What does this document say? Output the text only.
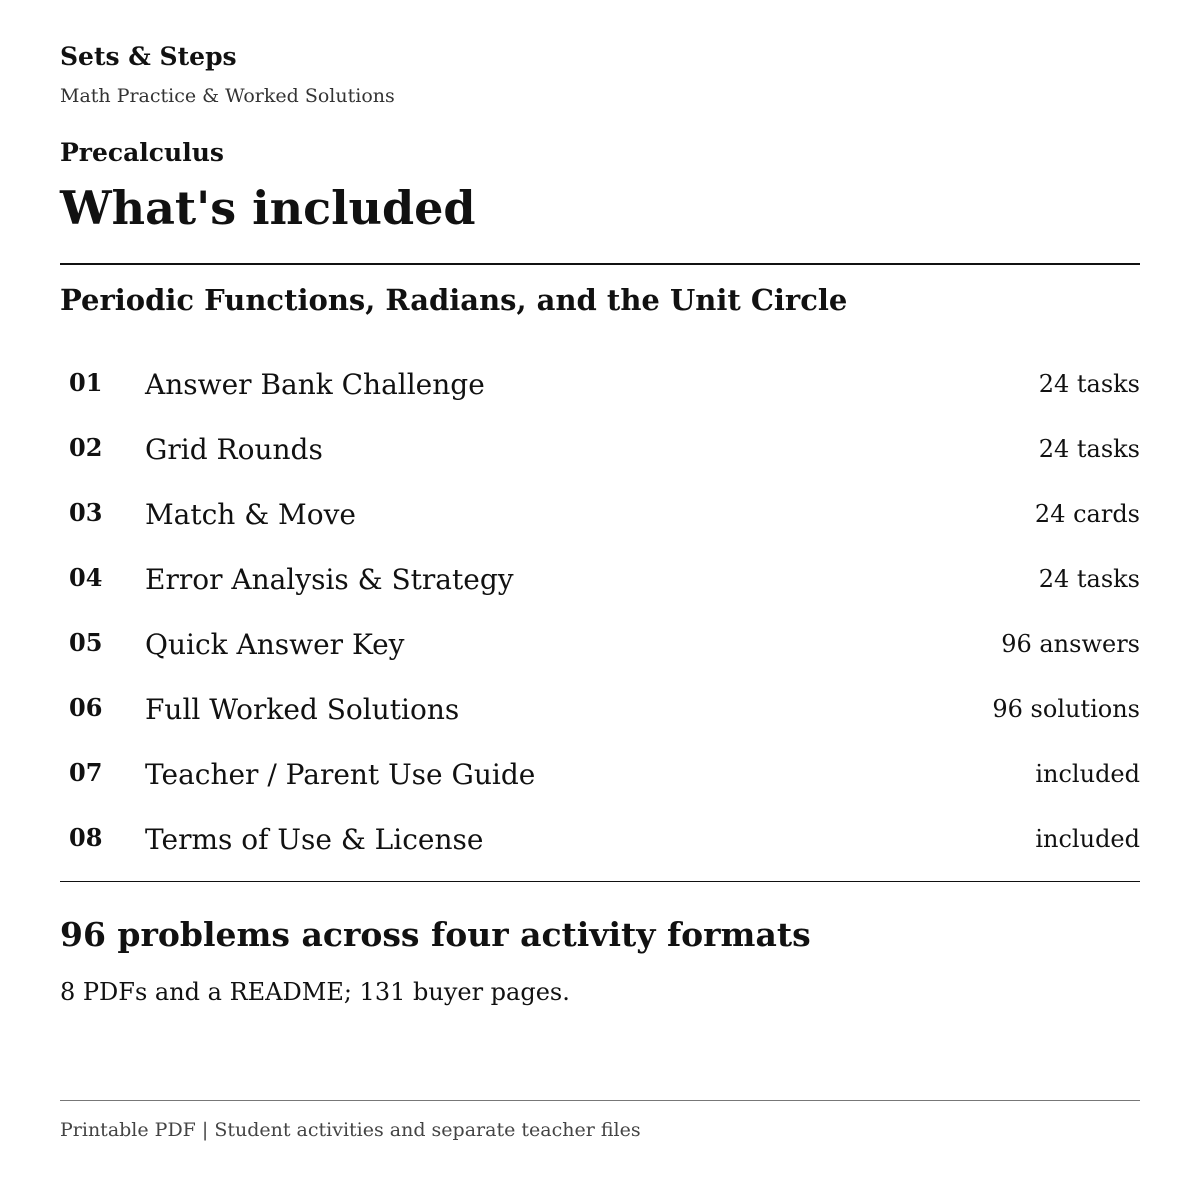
Sets & Steps
Math Practice & Worked Solutions
Precalculus
What's included
Periodic Functions, Radians, and the Unit Circle
01 Answer Bank Challenge	24 tasks
02 Grid Rounds	24 tasks
03 Match & Move	24 cards
04 Error Analysis & Strategy	24 tasks
05 Quick Answer Key	96 answers
06 Full Worked Solutions	96 solutions
07 Teacher / Parent Use Guide	included
08 Terms of Use & License	included
96 problems across four activity formats

8 PDFs and a README; 131 buyer pages.

Printable PDF | Student activities and separate teacher files
